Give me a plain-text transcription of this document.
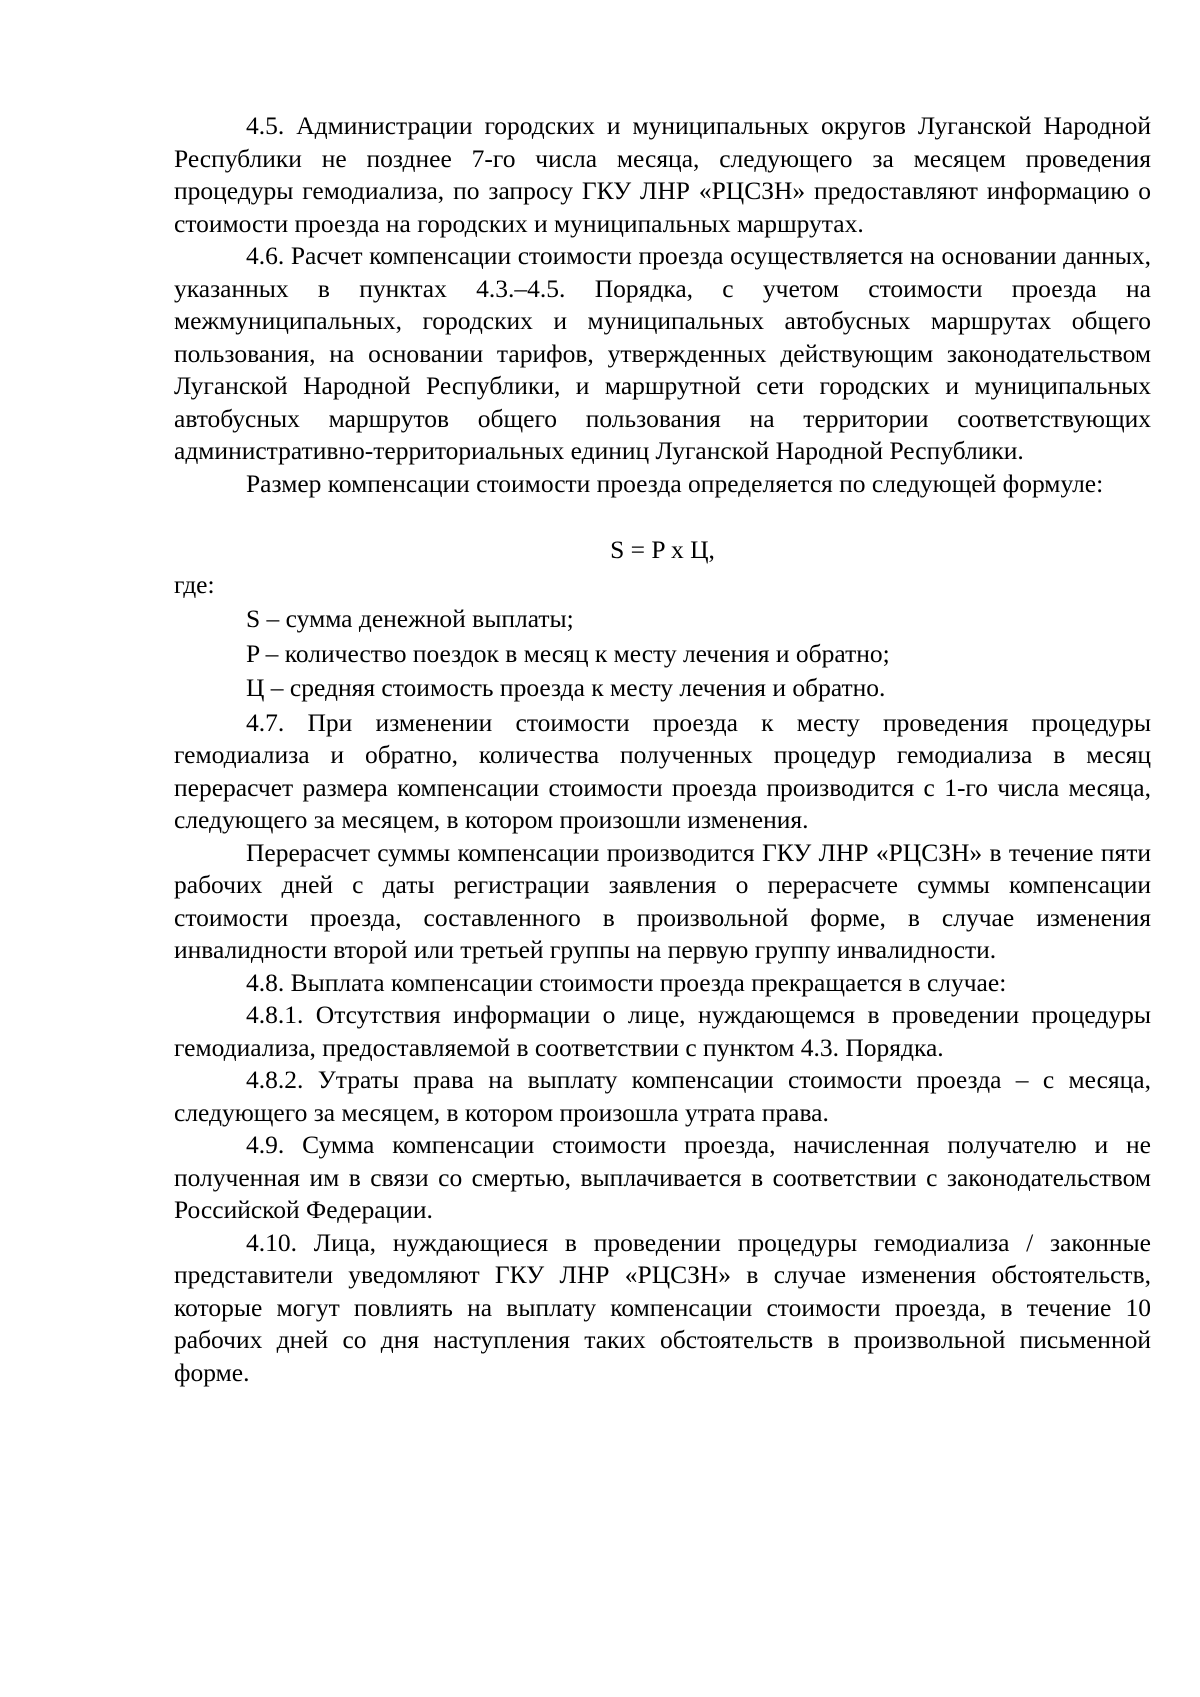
4.5. Администрации городских и муниципальных округов Луганской Народной Республики не позднее 7-го числа месяца, следующего за месяцем проведения процедуры гемодиализа, по запросу ГКУ ЛНР «РЦСЗН» предоставляют информацию о стоимости проезда на городских и муниципальных маршрутах.

4.6. Расчет компенсации стоимости проезда осуществляется на основании данных, указанных в пунктах 4.3.–4.5. Порядка, с учетом стоимости проезда на межмуниципальных, городских и муниципальных автобусных маршрутах общего пользования, на основании тарифов, утвержденных действующим законодательством Луганской Народной Республики, и маршрутной сети городских и муниципальных автобусных маршрутов общего пользования на территории соответствующих административно-территориальных единиц Луганской Народной Республики.

Размер компенсации стоимости проезда определяется по следующей формуле:

S = P x Ц,

где:

S – сумма денежной выплаты;

P – количество поездок в месяц к месту лечения и обратно;

Ц – средняя стоимость проезда к месту лечения и обратно.

4.7. При изменении стоимости проезда к месту проведения процедуры гемодиализа и обратно, количества полученных процедур гемодиализа в месяц перерасчет размера компенсации стоимости проезда производится с 1-го числа месяца, следующего за месяцем, в котором произошли изменения.

Перерасчет суммы компенсации производится ГКУ ЛНР «РЦСЗН» в течение пяти рабочих дней с даты регистрации заявления о перерасчете суммы компенсации стоимости проезда, составленного в произвольной форме, в случае изменения инвалидности второй или третьей группы на первую группу инвалидности.

4.8. Выплата компенсации стоимости проезда прекращается в случае:

4.8.1. Отсутствия информации о лице, нуждающемся в проведении процедуры гемодиализа, предоставляемой в соответствии с пунктом 4.3. Порядка.

4.8.2. Утраты права на выплату компенсации стоимости проезда – с месяца, следующего за месяцем, в котором произошла утрата права.

4.9. Сумма компенсации стоимости проезда, начисленная получателю и не полученная им в связи со смертью, выплачивается в соответствии с законодательством Российской Федерации.

4.10. Лица, нуждающиеся в проведении процедуры гемодиализа / законные представители уведомляют ГКУ ЛНР «РЦСЗН» в случае изменения обстоятельств, которые могут повлиять на выплату компенсации стоимости проезда, в течение 10 рабочих дней со дня наступления таких обстоятельств в произвольной письменной форме.
